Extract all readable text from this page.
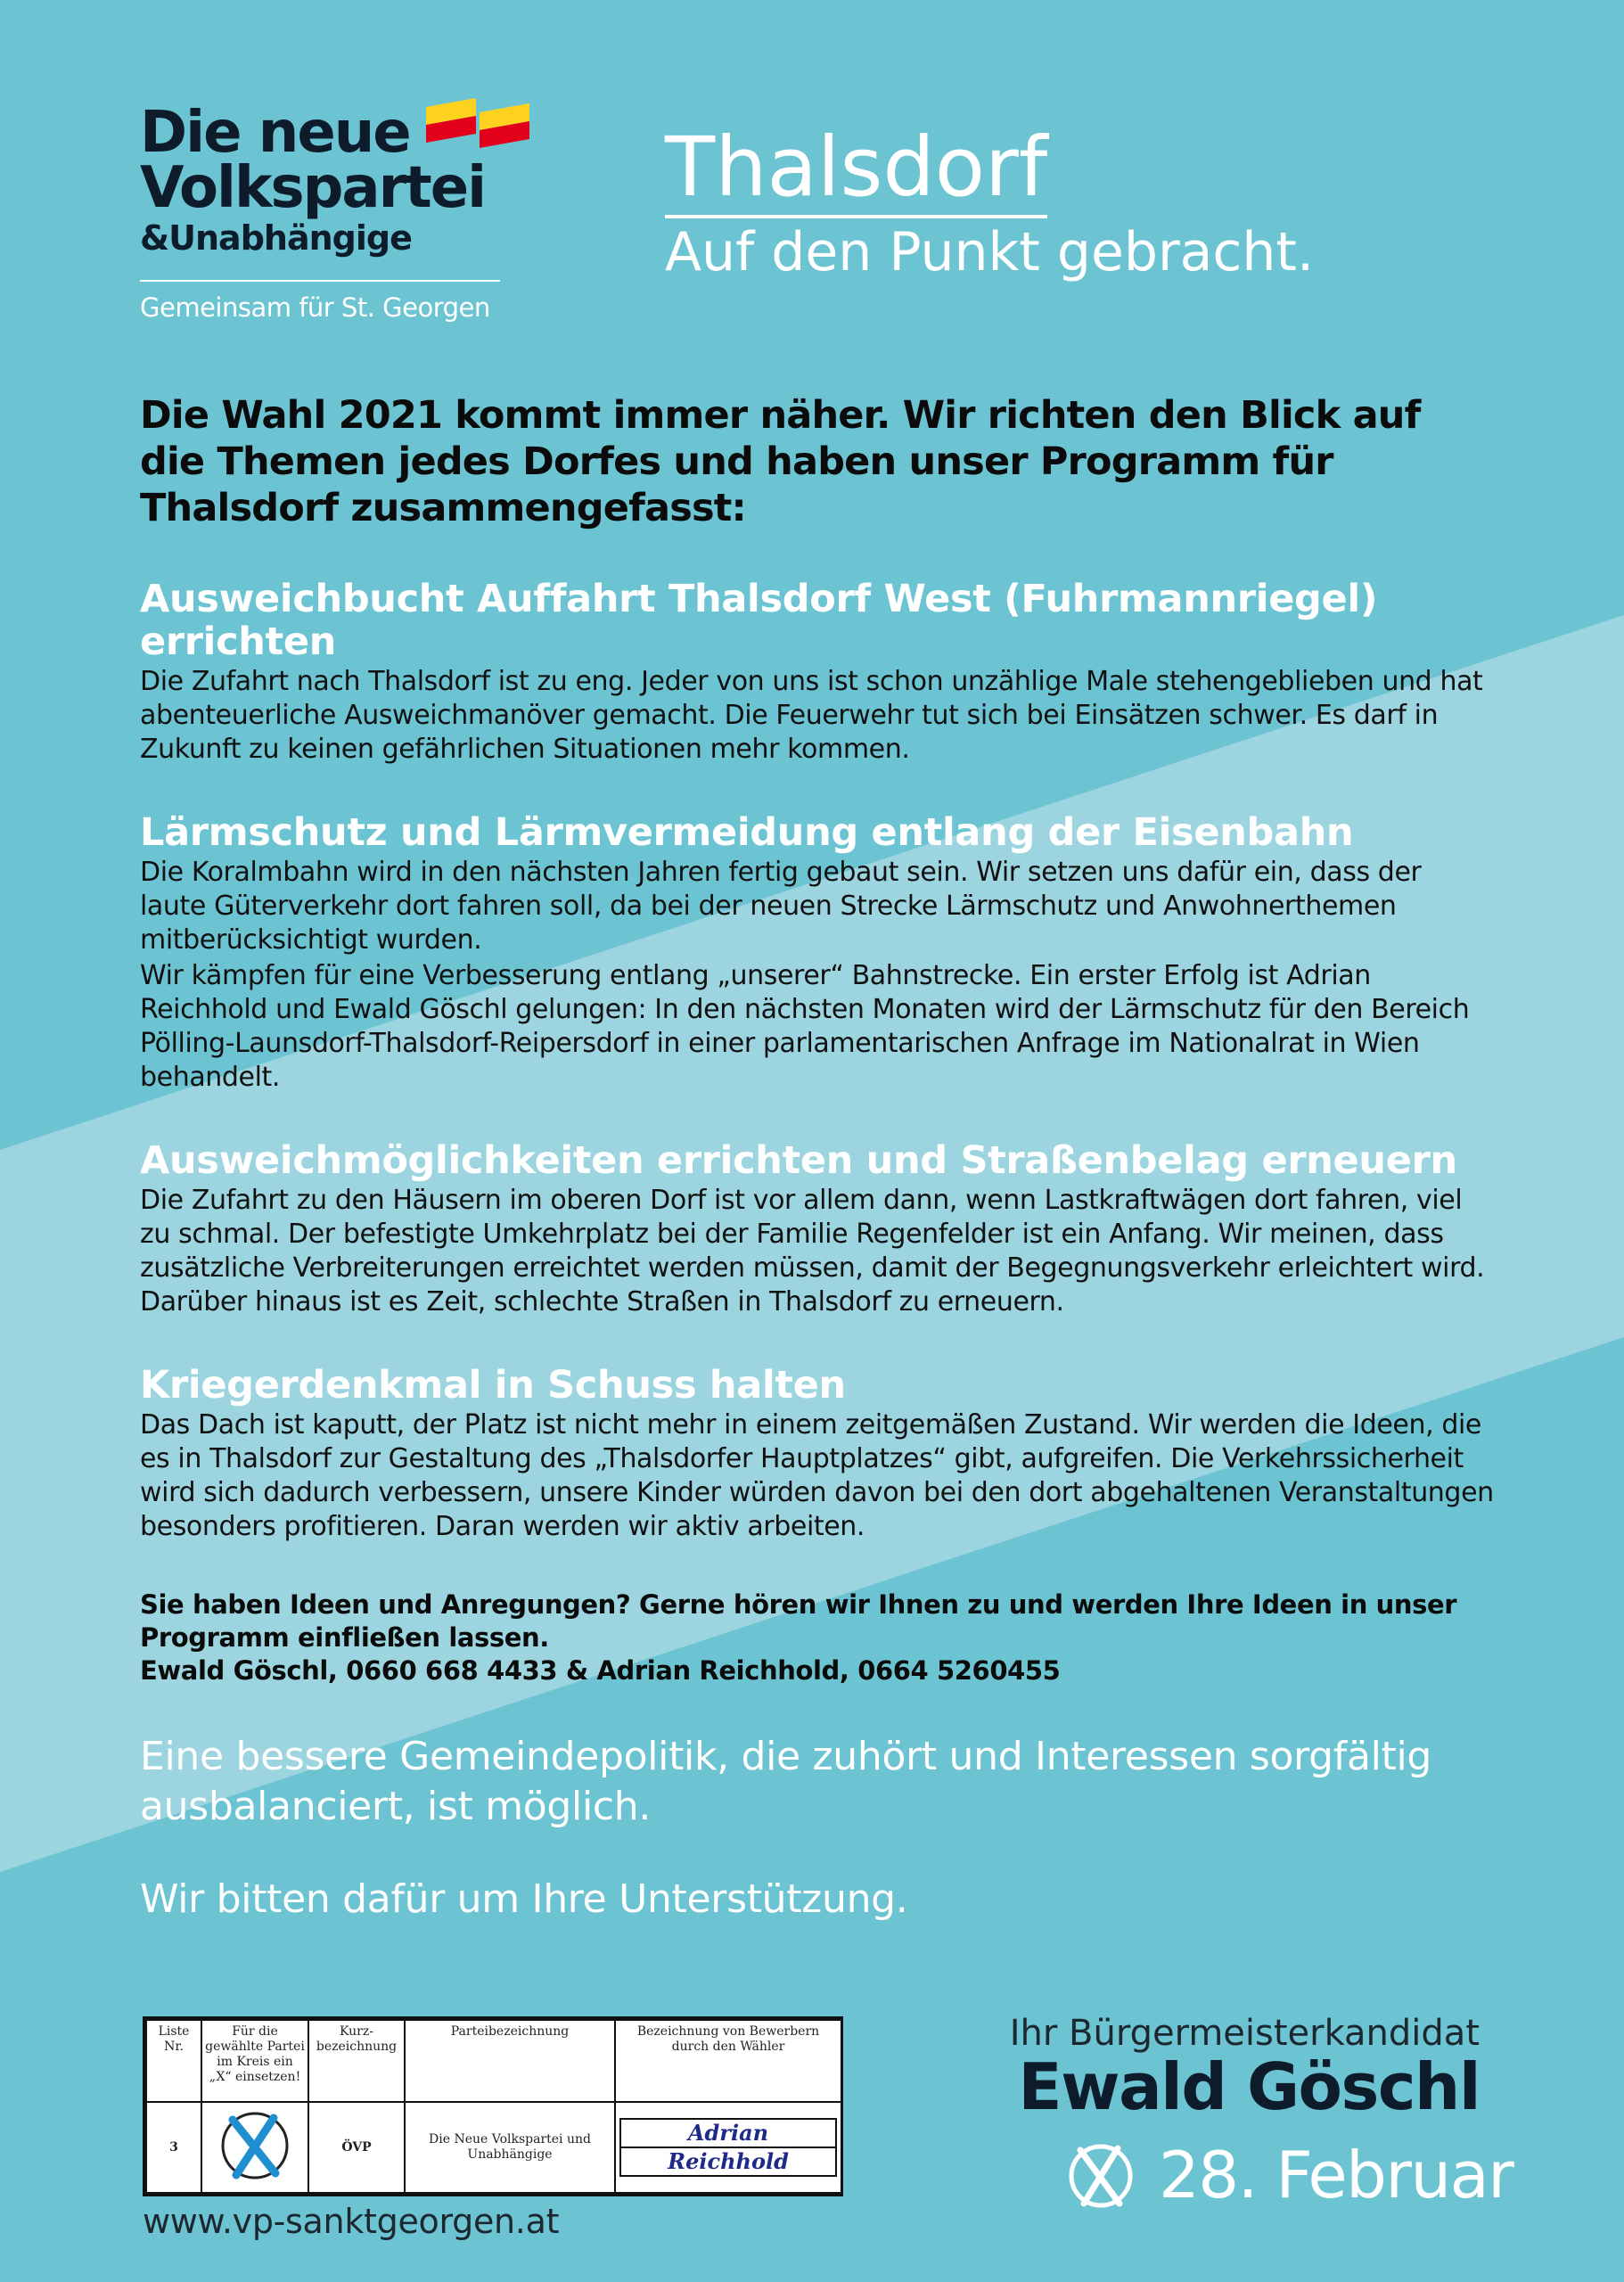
Die neue
Volkspartei
&Unabhängige
Gemeinsam für St. Georgen
Thalsdorf
Auf den Punkt gebracht.

Die Wahl 2021 kommt immer näher. Wir richten den Blick auf die Themen jedes Dorfes und haben unser Programm für Thalsdorf zusammengefasst:

Ausweichbucht Auffahrt Thalsdorf West (Fuhrmannriegel) errichten

Die Zufahrt nach Thalsdorf ist zu eng. Jeder von uns ist schon unzählige Male stehengeblieben und hat abenteuerliche Ausweichmanöver gemacht. Die Feuerwehr tut sich bei Einsätzen schwer. Es darf in Zukunft zu keinen gefährlichen Situationen mehr kommen.

Lärmschutz und Lärmvermeidung entlang der Eisenbahn

Die Koralmbahn wird in den nächsten Jahren fertig gebaut sein. Wir setzen uns dafür ein, dass der laute Güterverkehr dort fahren soll, da bei der neuen Strecke Lärmschutz und Anwohnerthemen mitberücksichtigt wurden.

Wir kämpfen für eine Verbesserung entlang „unserer“ Bahnstrecke. Ein erster Erfolg ist Adrian Reichhold und Ewald Göschl gelungen: In den nächsten Monaten wird der Lärmschutz für den Bereich Pölling-Launsdorf-Thalsdorf-Reipersdorf in einer parlamentarischen Anfrage im Nationalrat in Wien behandelt.

Ausweichmöglichkeiten errichten und Straßenbelag erneuern

Die Zufahrt zu den Häusern im oberen Dorf ist vor allem dann, wenn Lastkraftwägen dort fahren, viel zu schmal. Der befestigte Umkehrplatz bei der Familie Regenfelder ist ein Anfang. Wir meinen, dass zusätzliche Verbreiterungen erreichtet werden müssen, damit der Begegnungsverkehr erleichtert wird. Darüber hinaus ist es Zeit, schlechte Straßen in Thalsdorf zu erneuern.

Kriegerdenkmal in Schuss halten

Das Dach ist kaputt, der Platz ist nicht mehr in einem zeitgemäßen Zustand. Wir werden die Ideen, die es in Thalsdorf zur Gestaltung des „Thalsdorfer Hauptplatzes“ gibt, aufgreifen. Die Verkehrssicherheit wird sich dadurch verbessern, unsere Kinder würden davon bei den dort abgehaltenen Veranstaltungen besonders profitieren. Daran werden wir aktiv arbeiten.

Sie haben Ideen und Anregungen? Gerne hören wir Ihnen zu und werden Ihre Ideen in unser Programm einfließen lassen.
Ewald Göschl, 0660 668 4433 & Adrian Reichhold, 0664 5260455

Eine bessere Gemeindepolitik, die zuhört und Interessen sorgfältig ausbalanciert, ist möglich.

Wir bitten dafür um Ihre Unterstützung.

Liste Nr.	Für die gewählte Partei im Kreis ein „X“ einsetzen!	Kurz-bezeichnung	Parteibezeichnung	Bezeichnung von Bewerbern durch den Wähler
3		ÖVP	Die Neue Volkspartei und Unabhängige	Adrian
Reichhold
www.vp-sanktgeorgen.at
Ihr Bürgermeisterkandidat
Ewald Göschl
28. Februar
